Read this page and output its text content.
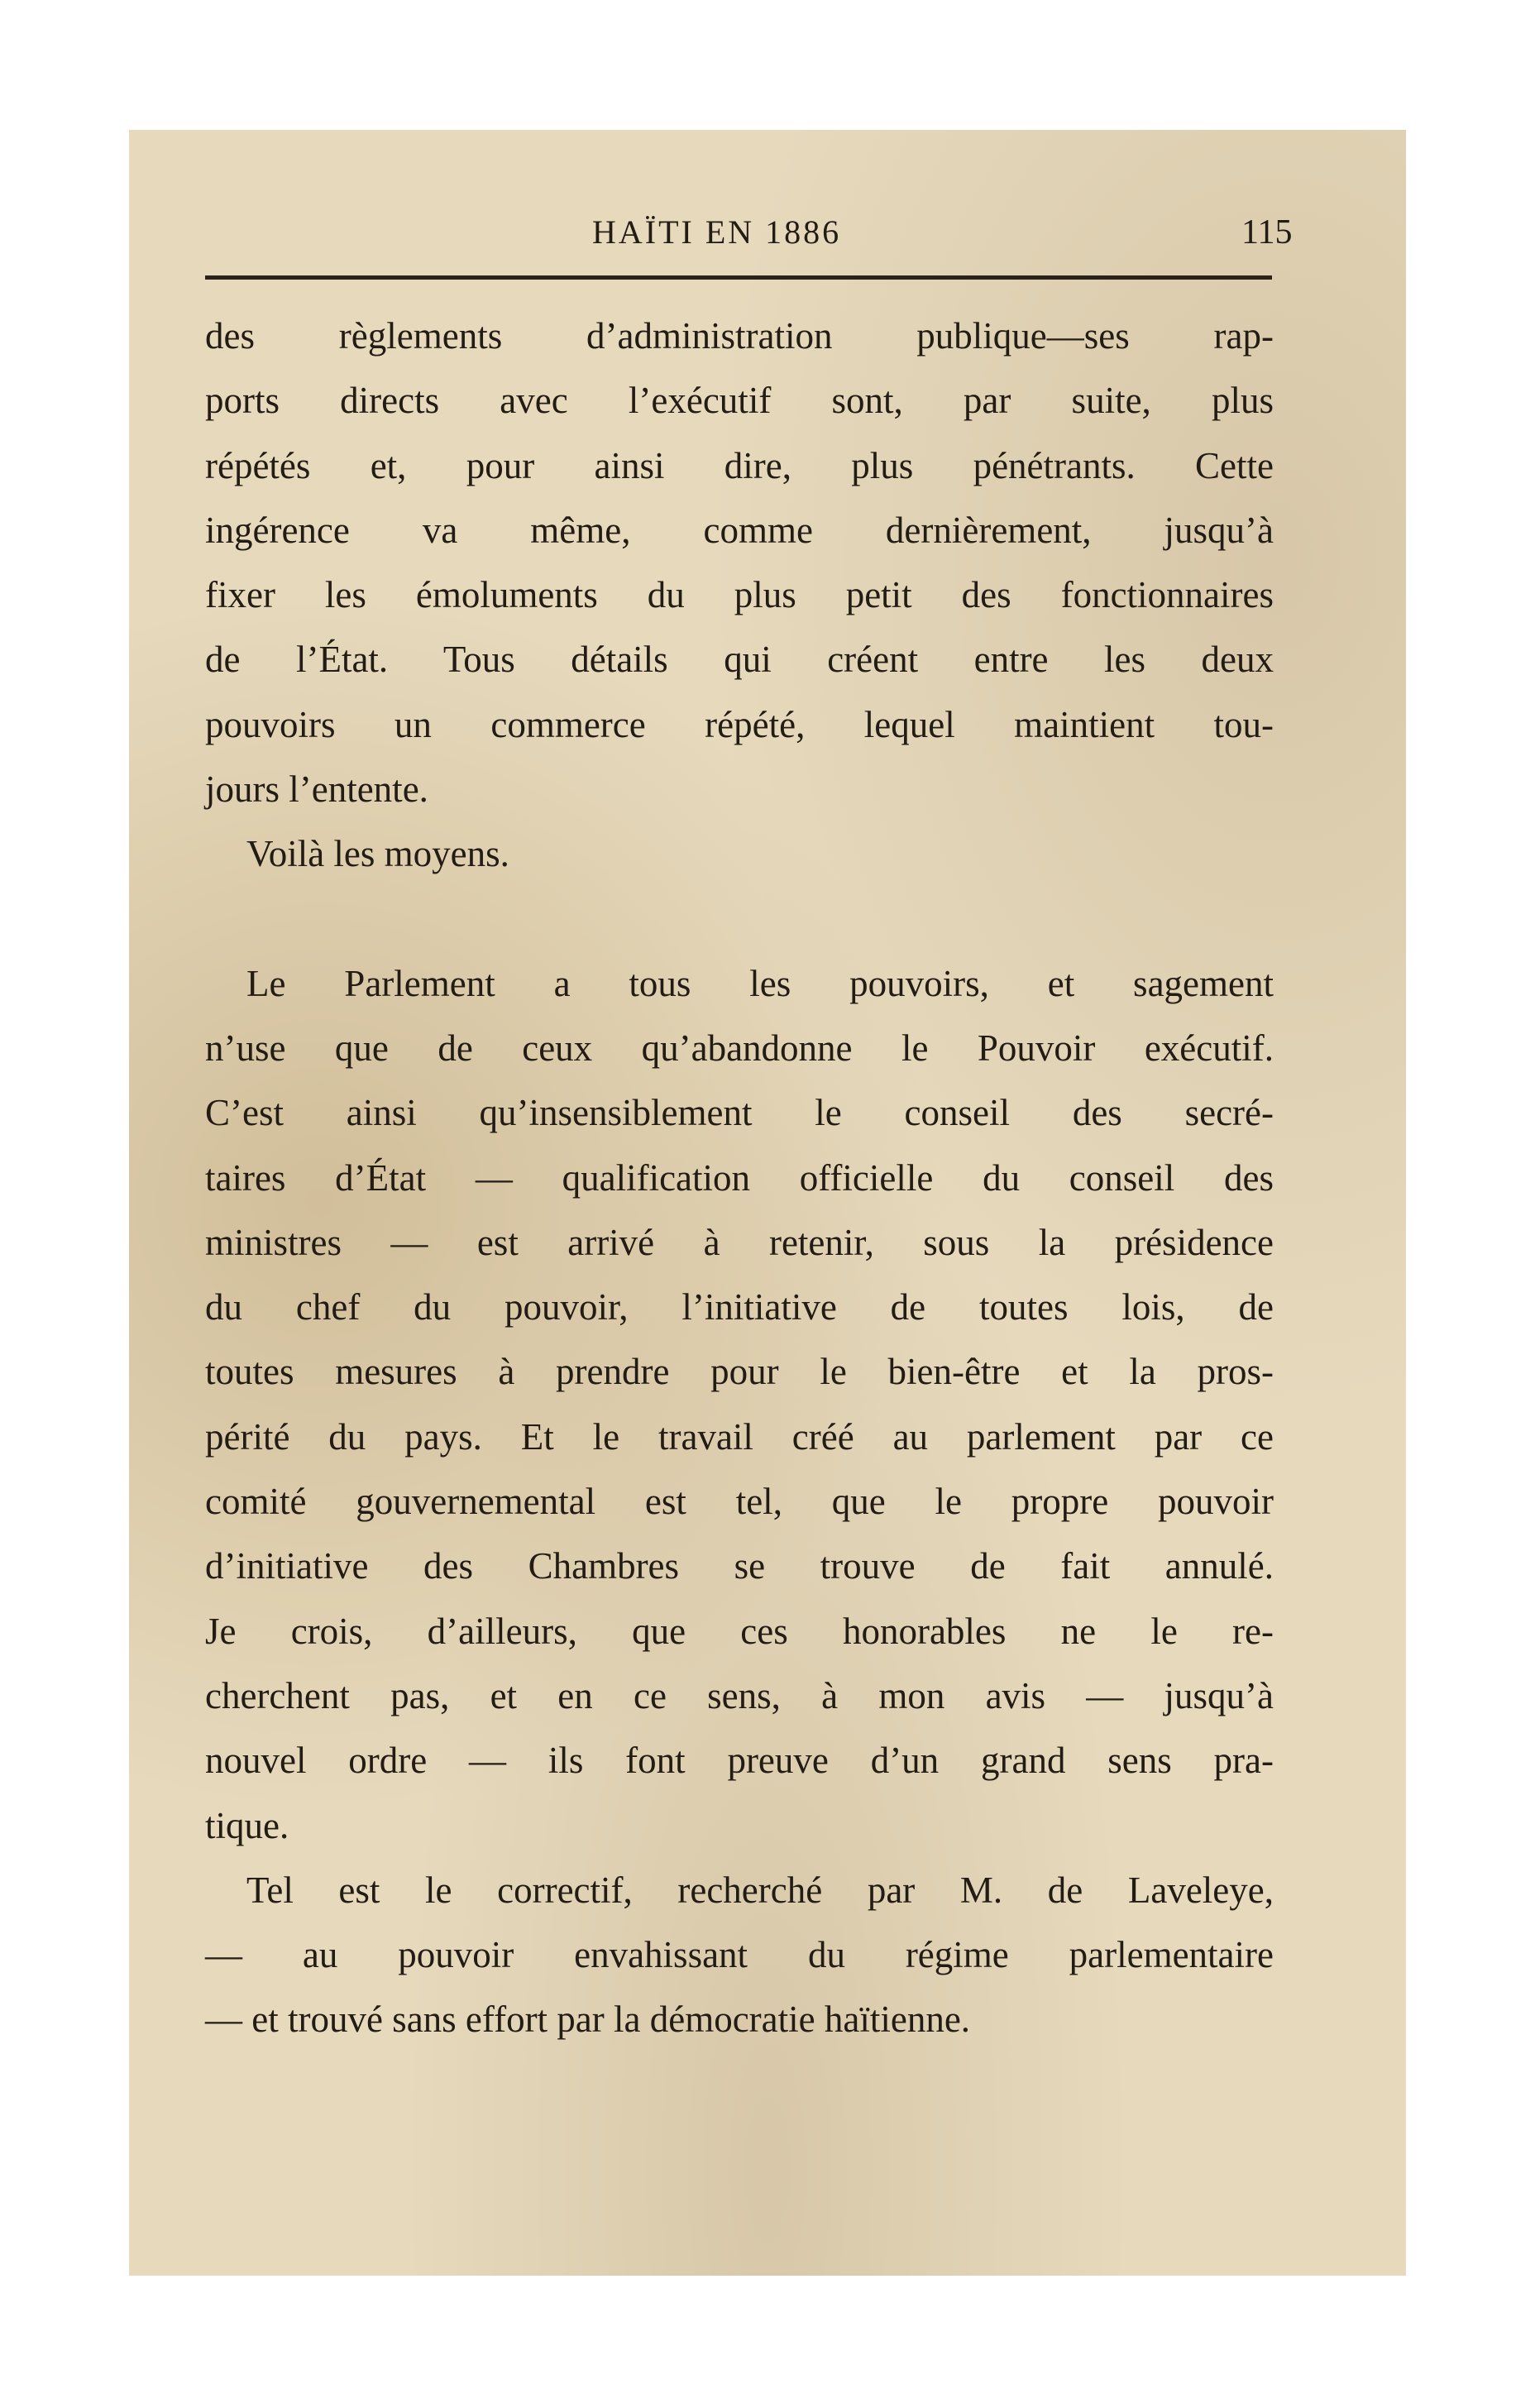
HAÏTI EN 1886	115

des règlements d’administration publique—ses rap-
ports directs avec l’exécutif sont, par suite, plus
répétés et, pour ainsi dire, plus pénétrants. Cette
ingérence va même, comme dernièrement, jusqu’à
fixer les émoluments du plus petit des fonctionnaires
de l’État. Tous détails qui créent entre les deux
pouvoirs un commerce répété, lequel maintient tou-
jours l’entente.

Voilà les moyens.

Le Parlement a tous les pouvoirs, et sagement
n’use que de ceux qu’abandonne le Pouvoir exécutif.
C’est ainsi qu’insensiblement le conseil des secré-
taires d’État — qualification officielle du conseil des
ministres — est arrivé à retenir, sous la présidence
du chef du pouvoir, l’initiative de toutes lois, de
toutes mesures à prendre pour le bien-être et la pros-
périté du pays. Et le travail créé au parlement par ce
comité gouvernemental est tel, que le propre pouvoir
d’initiative des Chambres se trouve de fait annulé.
Je crois, d’ailleurs, que ces honorables ne le re-
cherchent pas, et en ce sens, à mon avis — jusqu’à
nouvel ordre — ils font preuve d’un grand sens pra-
tique.

Tel est le correctif, recherché par M. de Laveleye,
— au pouvoir envahissant du régime parlementaire
— et trouvé sans effort par la démocratie haïtienne.
